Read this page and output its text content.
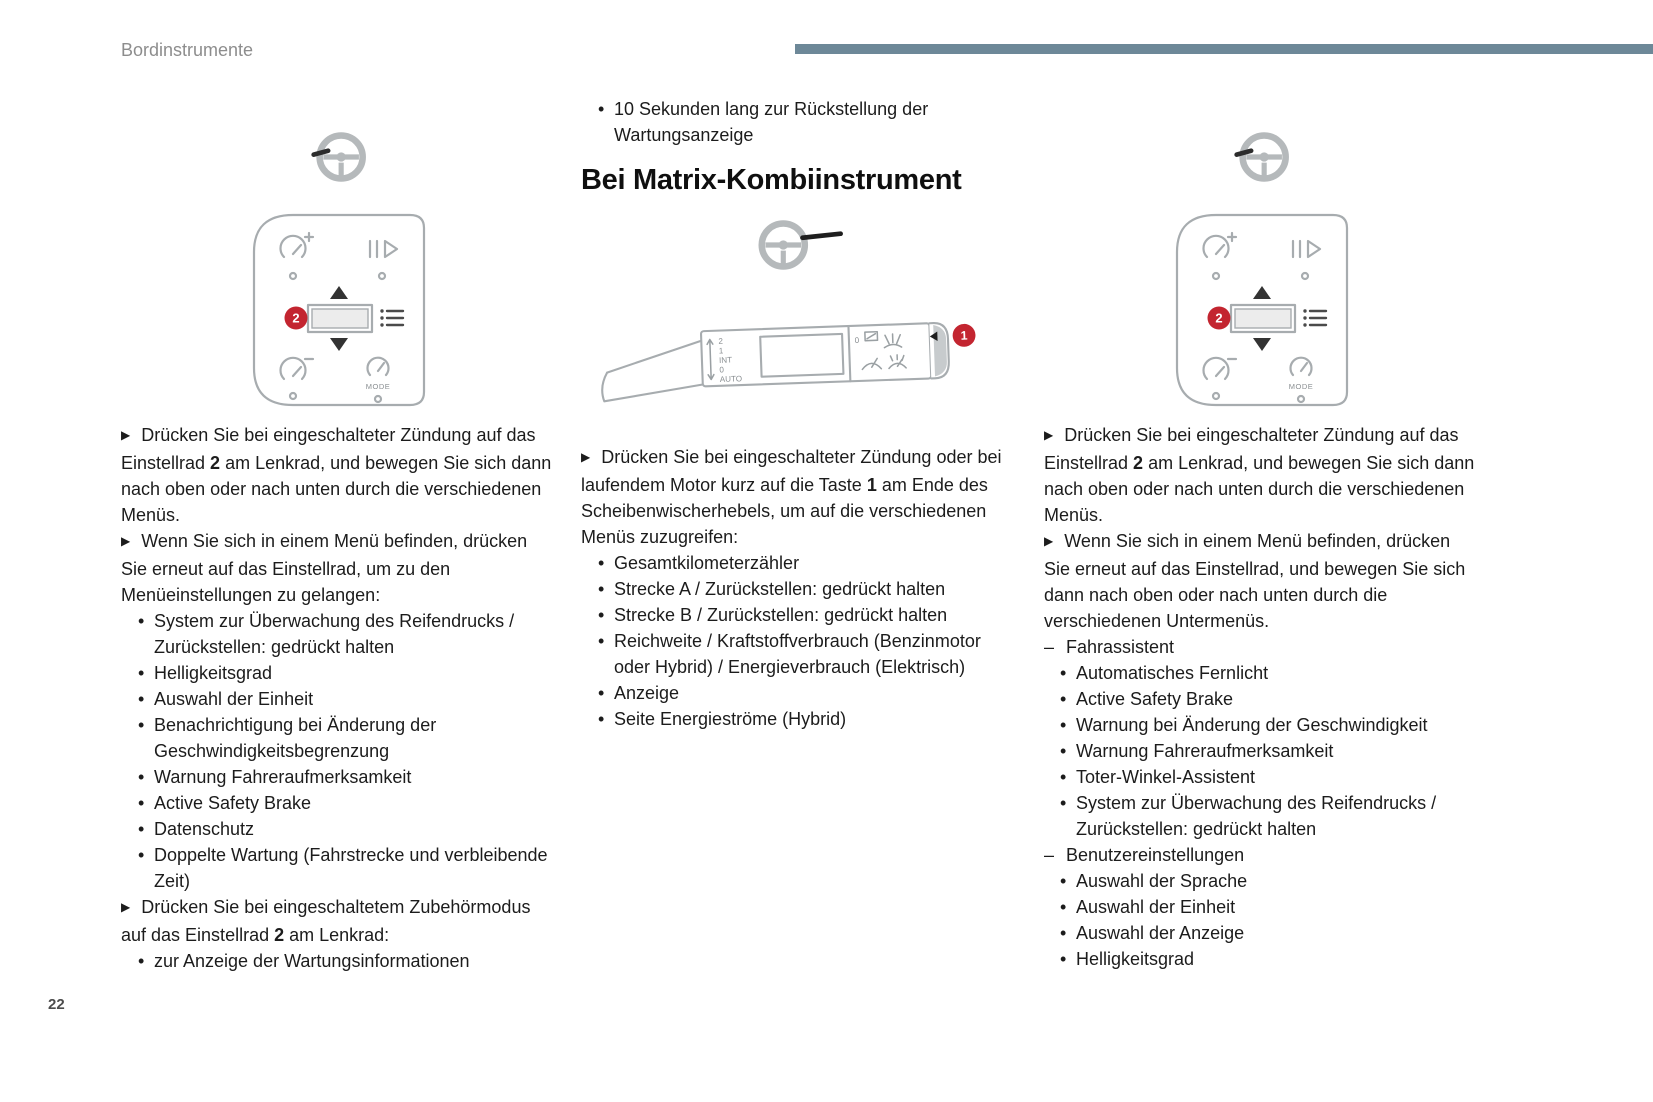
Bordinstrumente
2
MODE

▶ Drücken Sie bei eingeschalteter Zündung auf das Einstellrad 2 am Lenkrad, und bewegen Sie sich dann nach oben oder nach unten durch die verschiedenen Menüs.

▶ Wenn Sie sich in einem Menü befinden, drücken Sie erneut auf das Einstellrad, um zu den Menüeinstellungen zu gelangen:

• System zur Überwachung des Reifendrucks / Zurückstellen: gedrückt halten
• Helligkeitsgrad
• Auswahl der Einheit
• Benachrichtigung bei Änderung der Geschwindigkeitsbegrenzung
• Warnung Fahreraufmerksamkeit
• Active Safety Brake
• Datenschutz
• Doppelte Wartung (Fahrstrecke und verbleibende Zeit)

▶ Drücken Sie bei eingeschaltetem Zubehörmodus auf das Einstellrad 2 am Lenkrad:

• zur Anzeige der Wartungsinformationen
• 10 Sekunden lang zur Rückstellung der Wartungsanzeige
Bei Matrix-Kombiinstrument
2
1
INT
0
AUTO
0	1

▶ Drücken Sie bei eingeschalteter Zündung oder bei laufendem Motor kurz auf die Taste 1 am Ende des Scheibenwischerhebels, um auf die verschiedenen Menüs zuzugreifen:

• Gesamtkilometerzähler
• Strecke A / Zurückstellen: gedrückt halten
• Strecke B / Zurückstellen: gedrückt halten
• Reichweite / Kraftstoffverbrauch (Benzinmotor oder Hybrid) / Energieverbrauch (Elektrisch)
• Anzeige
• Seite Energieströme (Hybrid)
2
MODE

▶ Drücken Sie bei eingeschalteter Zündung auf das Einstellrad 2 am Lenkrad, und bewegen Sie sich dann nach oben oder nach unten durch die verschiedenen Menüs.

▶ Wenn Sie sich in einem Menü befinden, drücken Sie erneut auf das Einstellrad, und bewegen Sie sich dann nach oben oder nach unten durch die verschiedenen Untermenüs.

– Fahrassistent
• Automatisches Fernlicht
• Active Safety Brake
• Warnung bei Änderung der Geschwindigkeit
• Warnung Fahreraufmerksamkeit
• Toter-Winkel-Assistent
• System zur Überwachung des Reifendrucks / Zurückstellen: gedrückt halten
– Benutzereinstellungen
• Auswahl der Sprache
• Auswahl der Einheit
• Auswahl der Anzeige
• Helligkeitsgrad
22
